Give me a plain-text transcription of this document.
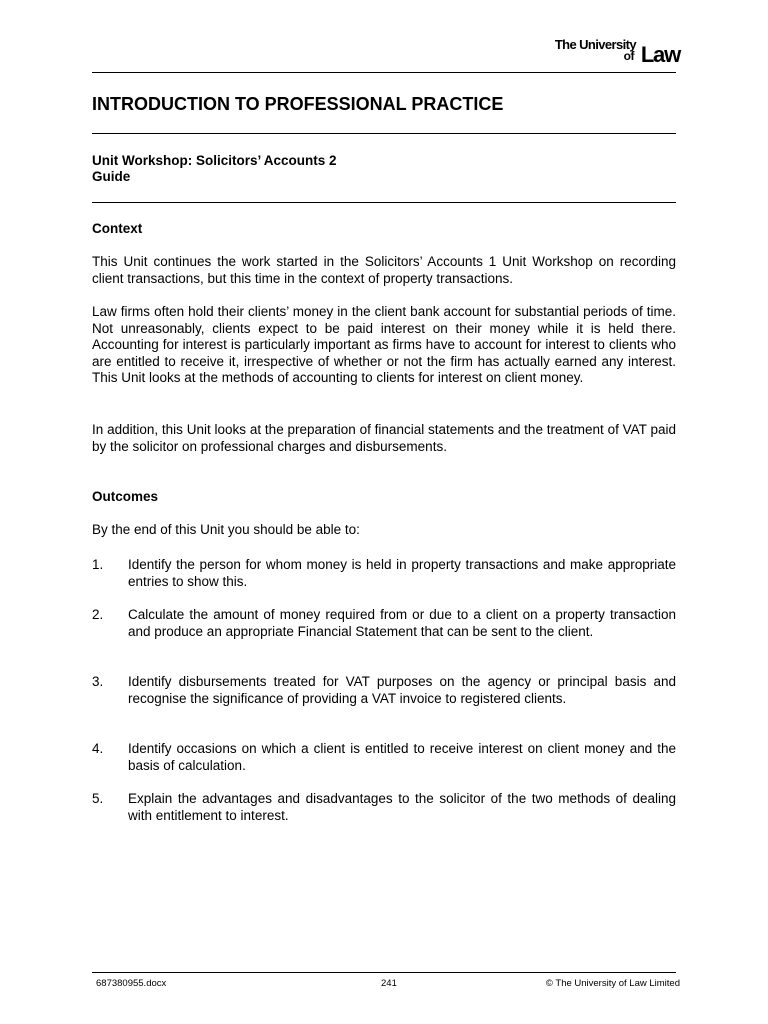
The University
of Law
INTRODUCTION TO PROFESSIONAL PRACTICE
Unit Workshop: Solicitors’ Accounts 2
Guide
Context
This Unit continues the work started in the Solicitors’ Accounts 1 Unit Workshop on recording client transactions, but this time in the context of property transactions.
Law firms often hold their clients’ money in the client bank account for substantial periods of time. Not unreasonably, clients expect to be paid interest on their money while it is held there. Accounting for interest is particularly important as firms have to account for interest to clients who are entitled to receive it, irrespective of whether or not the firm has actually earned any interest. This Unit looks at the methods of accounting to clients for interest on client money.
In addition, this Unit looks at the preparation of financial statements and the treatment of VAT paid by the solicitor on professional charges and disbursements.
Outcomes
By the end of this Unit you should be able to:
1.	Identify the person for whom money is held in property transactions and make appropriate entries to show this.
2.	Calculate the amount of money required from or due to a client on a property transaction and produce an appropriate Financial Statement that can be sent to the client.
3.	Identify disbursements treated for VAT purposes on the agency or principal basis and recognise the significance of providing a VAT invoice to registered clients.
4.	Identify occasions on which a client is entitled to receive interest on client money and the basis of calculation.
5.	Explain the advantages and disadvantages to the solicitor of the two methods of dealing with entitlement to interest.
687380955.docx	241	© The University of Law Limited
